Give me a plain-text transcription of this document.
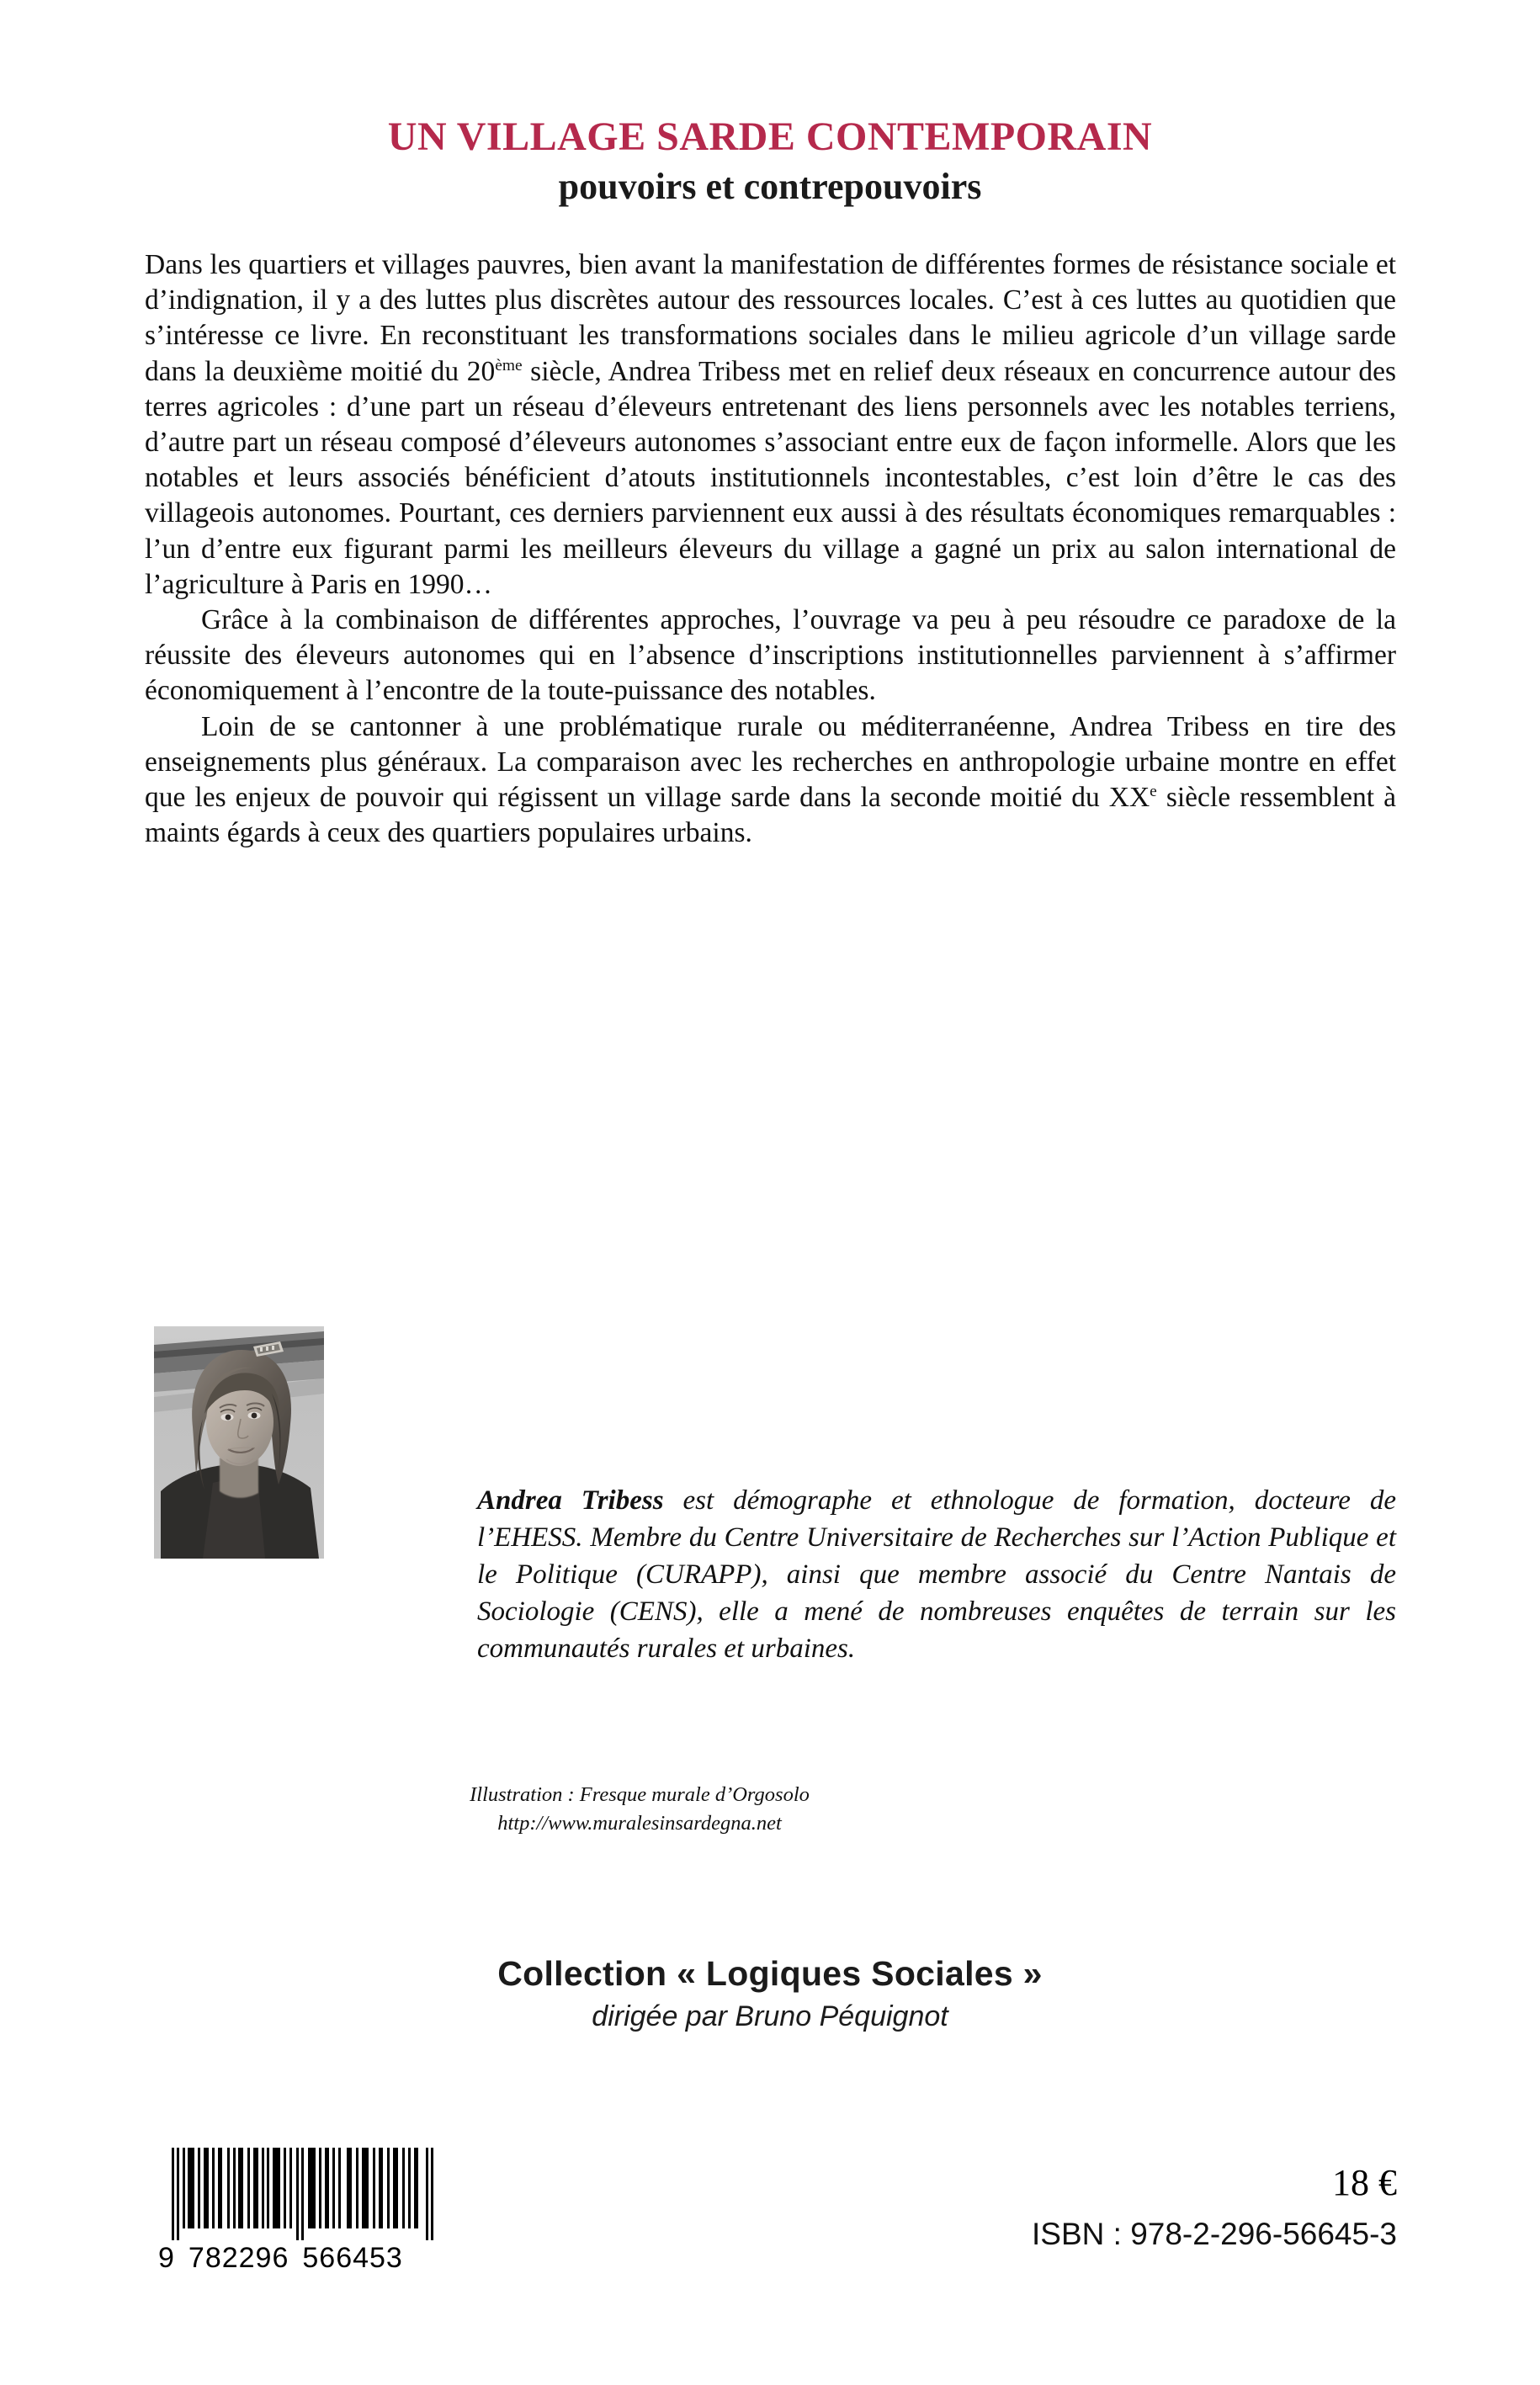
UN VILLAGE SARDE CONTEMPORAIN
pouvoirs et contrepouvoirs

Dans les quartiers et villages pauvres, bien avant la manifestation de différentes formes de résistance sociale et d’indignation, il y a des luttes plus discrètes autour des ressources locales. C’est à ces luttes au quotidien que s’intéresse ce livre. En reconstituant les transformations sociales dans le milieu agricole d’un village sarde dans la deuxième moitié du 20ème siècle, Andrea Tribess met en relief deux réseaux en concurrence autour des terres agricoles : d’une part un réseau d’éleveurs entretenant des liens personnels avec les notables terriens, d’autre part un réseau composé d’éleveurs autonomes s’associant entre eux de façon informelle. Alors que les notables et leurs associés bénéficient d’atouts institutionnels incontestables, c’est loin d’être le cas des villageois autonomes. Pourtant, ces derniers parviennent eux aussi à des résultats économiques remarquables : l’un d’entre eux figurant parmi les meilleurs éleveurs du village a gagné un prix au salon international de l’agriculture à Paris en 1990…

Grâce à la combinaison de différentes approches, l’ouvrage va peu à peu résoudre ce paradoxe de la réussite des éleveurs autonomes qui en l’absence d’inscriptions institutionnelles parviennent à s’affirmer économiquement à l’encontre de la toute-puissance des notables.

Loin de se cantonner à une problématique rurale ou méditerranéenne, Andrea Tribess en tire des enseignements plus généraux. La comparaison avec les recherches en anthropologie urbaine montre en effet que les enjeux de pouvoir qui régissent un village sarde dans la seconde moitié du XXe siècle ressemblent à maints égards à ceux des quartiers populaires urbains.

Andrea Tribess est démographe et ethnologue de formation, docteure de l’EHESS. Membre du Centre Universitaire de Recherches sur l’Action Publique et le Politique (CURAPP), ainsi que membre associé du Centre Nantais de Sociologie (CENS), elle a mené de nombreuses enquêtes de terrain sur les communautés rurales et urbaines.
Illustration : Fresque murale d’Orgosolo
http://www.muralesinsardegna.net
Collection « Logiques Sociales »
dirigée par Bruno Péquignot
9 782296 566453
18 €
ISBN : 978-2-296-56645-3
